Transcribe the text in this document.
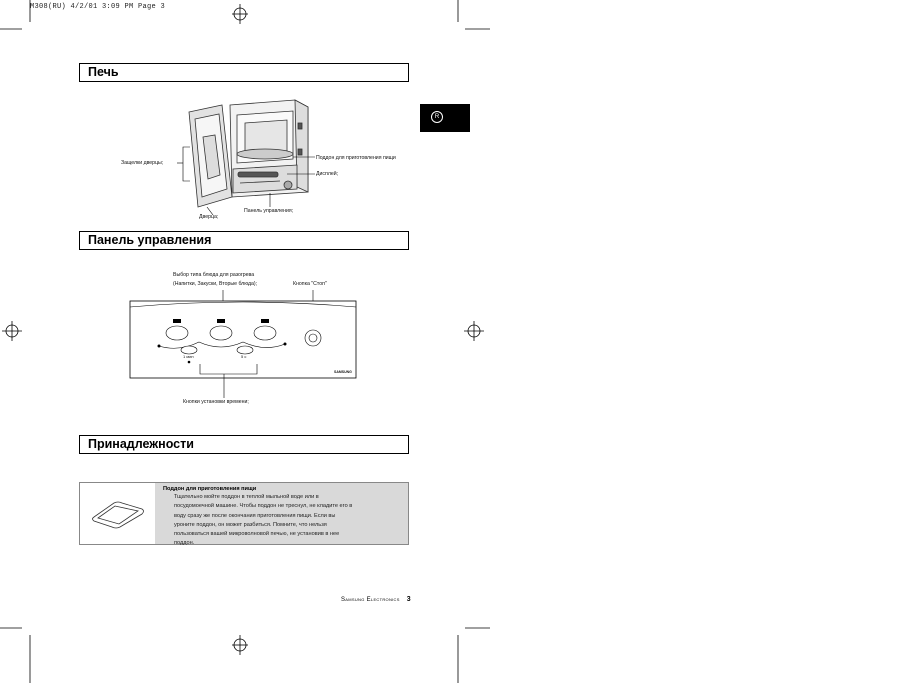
M308(RU) 4/2/01 3:09 PM Page 3
R
Печь
Защелки дверцы;
Дверца;
Поддон для приготовления пищи
Дисплей;
Панель управления;
Панель управления
Выбор типа блюда для разогрева
(Напитки, Закуски, Вторые блюда);	Кнопка "Стоп"
1 мин	5 с
SAMSUNG
Кнопки установки времени;
Принадлежности
Поддон для приготовления пищи
Тщательно мойте поддон в теплой мыльной воде или в
посудомоечной машине. Чтобы поддон не треснул, не кладите его в
воду сразу же после окончания приготовления пищи. Если вы
уроните поддон, он может разбиться. Помните, что нельзя
пользоваться вашей микроволновой печью, не установив в нее
поддон.
Samsung Electronics 3
